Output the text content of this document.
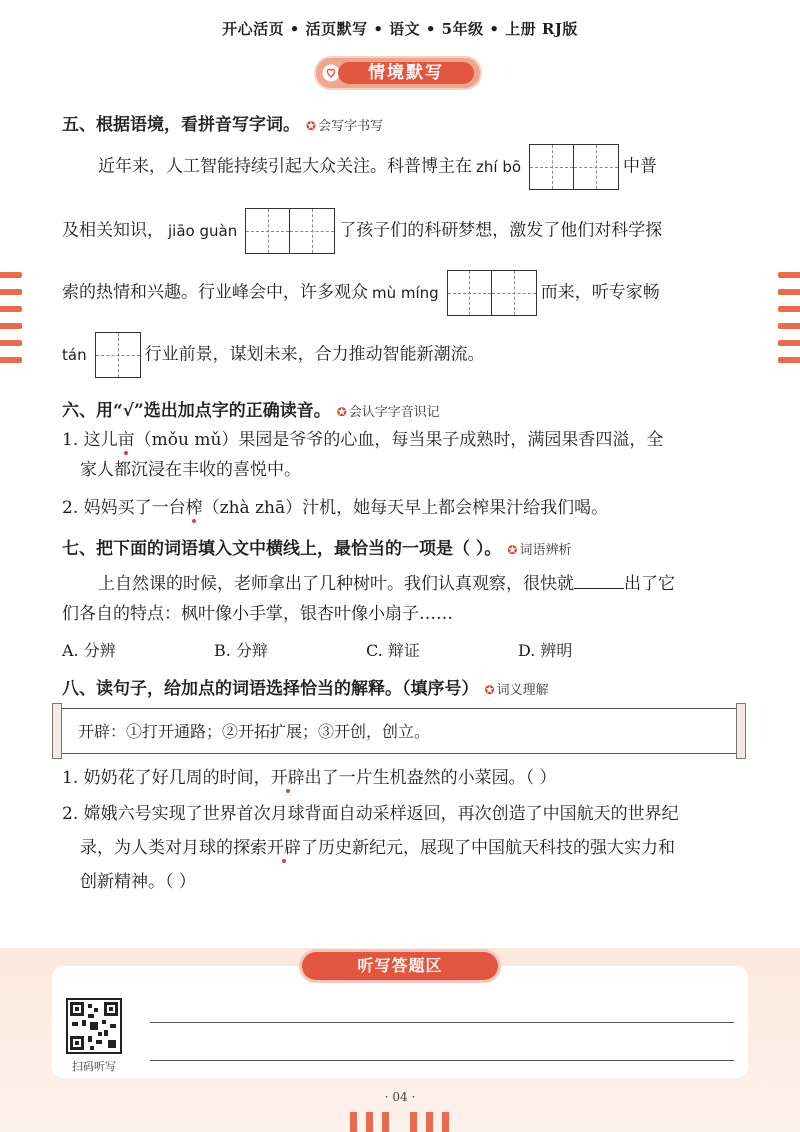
开心活页 • 活页默写 • 语文 • 5年级 • 上册 RJ版
情境默写
五、根据语境，看拼音写字词。 ✪ 会写字书写
近年来，人工智能持续引起大众关注。科普博主在 zhí bō	中普
及相关知识， jiāo guàn	了孩子们的科研梦想，激发了他们对科学探
索的热情和兴趣。行业峰会中，许多观众 mù míng	而来，听专家畅
tán	行业前景，谋划未来，合力推动智能新潮流。
六、用“√”选出加点字的正确读音。 ✪ 会认字字音识记
1. 这儿亩（mǒu mǔ）果园是爷爷的心血，每当果子成熟时，满园果香四溢，全
家人都沉浸在丰收的喜悦中。
2. 妈妈买了一台榨（zhà zhā）汁机，她每天早上都会榨果汁给我们喝。
七、把下面的词语填入文中横线上，最恰当的一项是（ ）。 ✪ 词语辨析
上自然课的时候，老师拿出了几种树叶。我们认真观察，很快就	出了它
们各自的特点：枫叶像小手掌，银杏叶像小扇子……
A. 分辨	B. 分辩	C. 辩证	D. 辨明
八、读句子，给加点的词语选择恰当的解释。（填序号） ✪ 词义理解
开辟：①打开通路；②开拓扩展；③开创，创立。
1. 奶奶花了好几周的时间，开辟出了一片生机盎然的小菜园。（ ）
2. 嫦娥六号实现了世界首次月球背面自动采样返回，再次创造了中国航天的世界纪
录，为人类对月球的探索开辟了历史新纪元，展现了中国航天科技的强大实力和
创新精神。（ ）
听写答题区
扫码听写
· 04 ·
